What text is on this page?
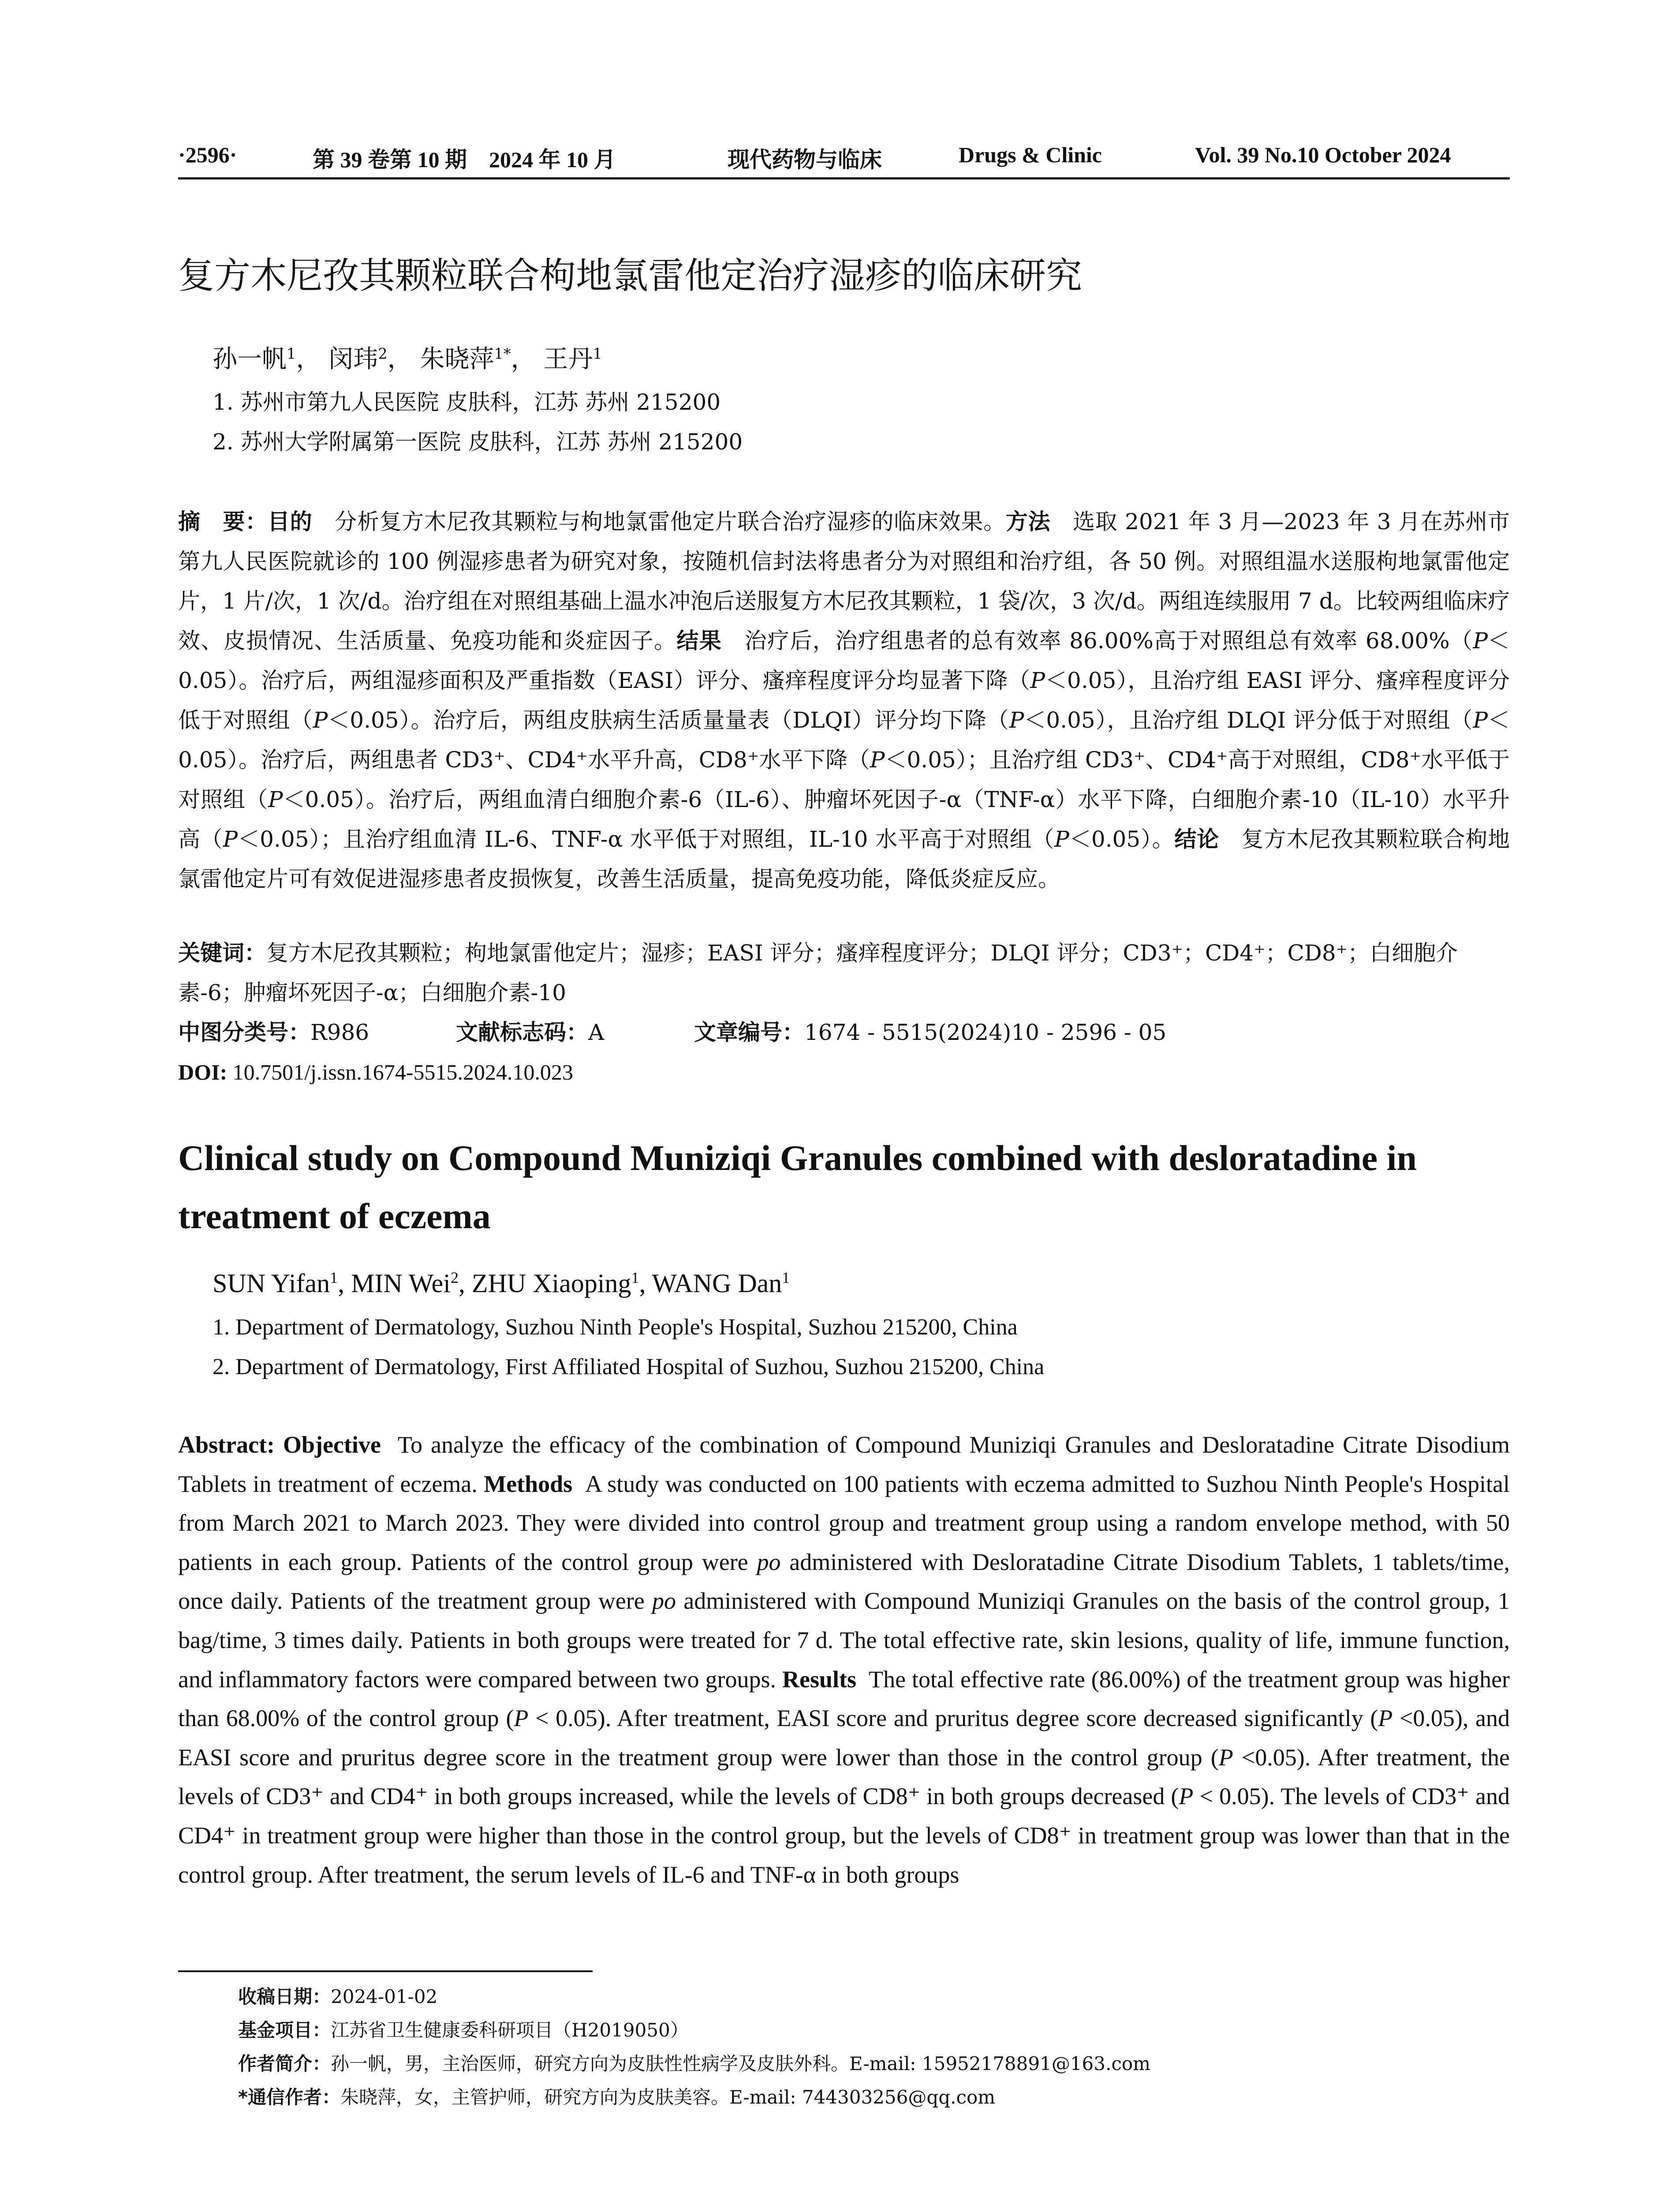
·2596·	第 39 卷第 10 期　2024 年 10 月	现代药物与临床	Drugs & Clinic	Vol. 39 No.10 October 2024
复方木尼孜其颗粒联合枸地氯雷他定治疗湿疹的临床研究
孙一帆$^1$， 闵玮$^2$， 朱晓萍$^{1*}$， 王丹$^1$
1. 苏州市第九人民医院 皮肤科，江苏 苏州 215200
2. 苏州大学附属第一医院 皮肤科，江苏 苏州 215200

摘　要：目的　分析复方木尼孜其颗粒与枸地氯雷他定片联合治疗湿疹的临床效果。方法　选取 2021 年 3 月—2023 年 3 月在苏州市第九人民医院就诊的 100 例湿疹患者为研究对象，按随机信封法将患者分为对照组和治疗组，各 50 例。对照组温水送服枸地氯雷他定片，1 片/次，1 次/d。治疗组在对照组基础上温水冲泡后送服复方木尼孜其颗粒，1 袋/次，3 次/d。两组连续服用 7 d。比较两组临床疗效、皮损情况、生活质量、免疫功能和炎症因子。结果　治疗后，治疗组患者的总有效率 86.00%高于对照组总有效率 68.00%（P＜0.05）。治疗后，两组湿疹面积及严重指数（EASI）评分、瘙痒程度评分均显著下降（P＜0.05），且治疗组 EASI 评分、瘙痒程度评分低于对照组（P＜0.05）。治疗后，两组皮肤病生活质量量表（DLQI）评分均下降（P＜0.05），且治疗组 DLQI 评分低于对照组（P＜0.05）。治疗后，两组患者 CD3⁺、CD4⁺水平升高，CD8⁺水平下降（P＜0.05）；且治疗组 CD3⁺、CD4⁺高于对照组，CD8⁺水平低于对照组（P＜0.05）。治疗后，两组血清白细胞介素-6（IL-6）、肿瘤坏死因子-α（TNF-α）水平下降，白细胞介素-10（IL-10）水平升高（P＜0.05）；且治疗组血清 IL-6、TNF-α 水平低于对照组，IL-10 水平高于对照组（P＜0.05）。结论　复方木尼孜其颗粒联合枸地氯雷他定片可有效促进湿疹患者皮损恢复，改善生活质量，提高免疫功能，降低炎症反应。

关键词：复方木尼孜其颗粒；枸地氯雷他定片；湿疹；EASI 评分；瘙痒程度评分；DLQI 评分；CD3⁺；CD4⁺；CD8⁺；白细胞介素-6；肿瘤坏死因子-α；白细胞介素-10
中图分类号：R986	文献标志码：A	文章编号：1674 - 5515(2024)10 - 2596 - 05
DOI: 10.7501/j.issn.1674-5515.2024.10.023
Clinical study on Compound Muniziqi Granules combined with desloratadine in treatment of eczema
SUN Yifan$^1$, MIN Wei$^2$, ZHU Xiaoping$^1$, WANG Dan$^1$
1. Department of Dermatology, Suzhou Ninth People's Hospital, Suzhou 215200, China
2. Department of Dermatology, First Affiliated Hospital of Suzhou, Suzhou 215200, China
Abstract: Objective To analyze the efficacy of the combination of Compound Muniziqi Granules and Desloratadine Citrate Disodium Tablets in treatment of eczema. Methods A study was conducted on 100 patients with eczema admitted to Suzhou Ninth People's Hospital from March 2021 to March 2023. They were divided into control group and treatment group using a random envelope method, with 50 patients in each group. Patients of the control group were po administered with Desloratadine Citrate Disodium Tablets, 1 tablets/time, once daily. Patients of the treatment group were po administered with Compound Muniziqi Granules on the basis of the control group, 1 bag/time, 3 times daily. Patients in both groups were treated for 7 d. The total effective rate, skin lesions, quality of life, immune function, and inflammatory factors were compared between two groups. Results The total effective rate (86.00%) of the treatment group was higher than 68.00% of the control group (P < 0.05). After treatment, EASI score and pruritus degree score decreased significantly (P <0.05), and EASI score and pruritus degree score in the treatment group were lower than those in the control group (P <0.05). After treatment, the levels of CD3⁺ and CD4⁺ in both groups increased, while the levels of CD8⁺ in both groups decreased (P < 0.05). The levels of CD3⁺ and CD4⁺ in treatment group were higher than those in the control group, but the levels of CD8⁺ in treatment group was lower than that in the control group. After treatment, the serum levels of IL-6 and TNF-α in both groups
收稿日期：2024-01-02
基金项目：江苏省卫生健康委科研项目（H2019050）
作者简介：孙一帆，男，主治医师，研究方向为皮肤性性病学及皮肤外科。E-mail: 15952178891@163.com
*通信作者：朱晓萍，女，主管护师，研究方向为皮肤美容。E-mail: 744303256@qq.com
